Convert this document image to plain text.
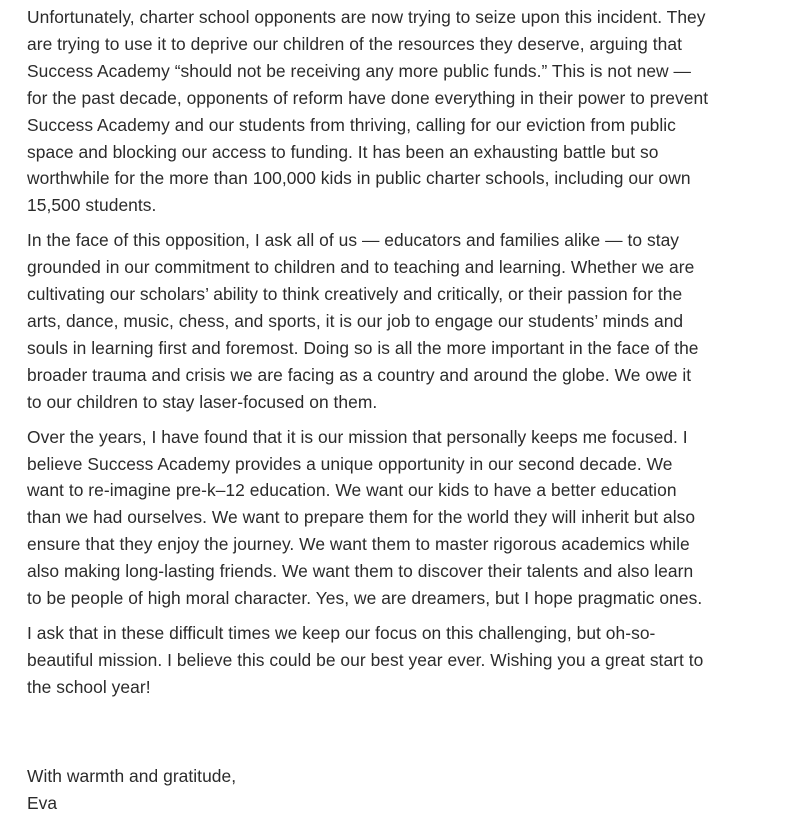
Unfortunately, charter school opponents are now trying to seize upon this incident. They
are trying to use it to deprive our children of the resources they deserve, arguing that
Success Academy “should not be receiving any more public funds.” This is not new —
for the past decade, opponents of reform have done everything in their power to prevent
Success Academy and our students from thriving, calling for our eviction from public
space and blocking our access to funding. It has been an exhausting battle but so
worthwhile for the more than 100,000 kids in public charter schools, including our own
15,500 students.

In the face of this opposition, I ask all of us — educators and families alike — to stay
grounded in our commitment to children and to teaching and learning. Whether we are
cultivating our scholars’ ability to think creatively and critically, or their passion for the
arts, dance, music, chess, and sports, it is our job to engage our students’ minds and
souls in learning first and foremost. Doing so is all the more important in the face of the
broader trauma and crisis we are facing as a country and around the globe. We owe it
to our children to stay laser-focused on them.

Over the years, I have found that it is our mission that personally keeps me focused. I
believe Success Academy provides a unique opportunity in our second decade. We
want to re-imagine pre-k–12 education. We want our kids to have a better education
than we had ourselves. We want to prepare them for the world they will inherit but also
ensure that they enjoy the journey. We want them to master rigorous academics while
also making long-lasting friends. We want them to discover their talents and also learn
to be people of high moral character. Yes, we are dreamers, but I hope pragmatic ones.

I ask that in these difficult times we keep our focus on this challenging, but oh-so-
beautiful mission. I believe this could be our best year ever. Wishing you a great start to
the school year!

With warmth and gratitude,

Eva
